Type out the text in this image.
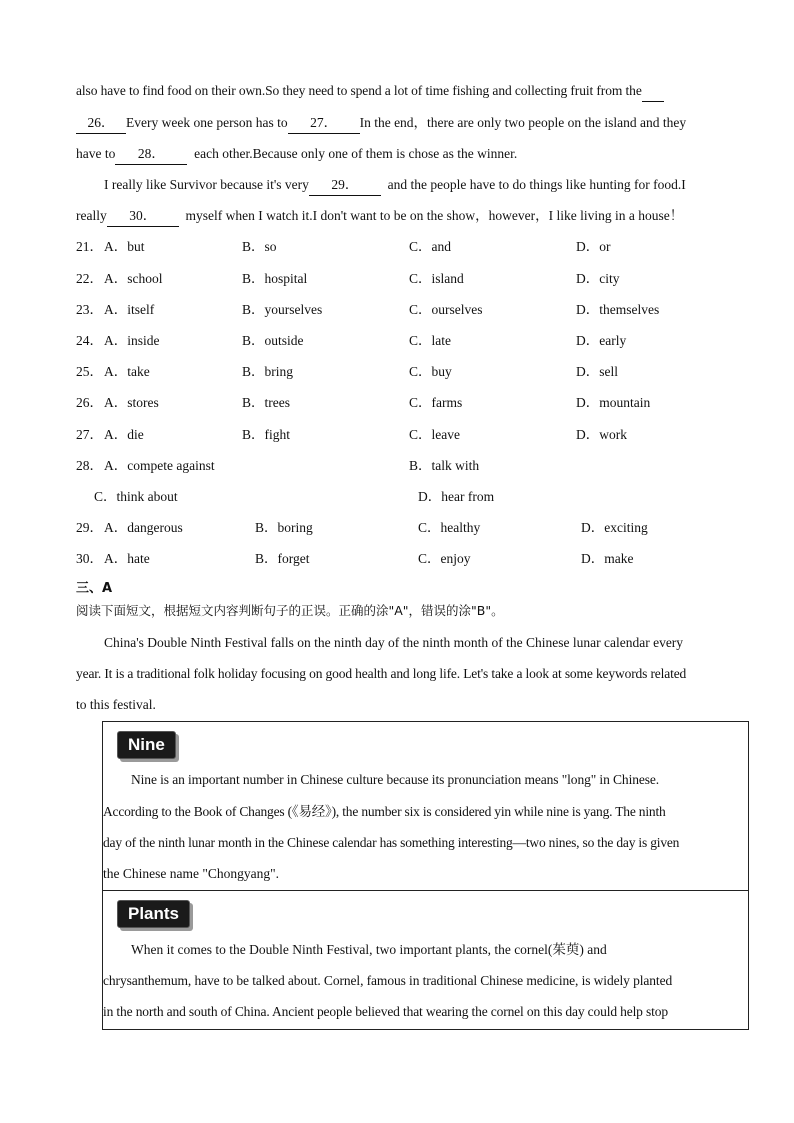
also have to find food on their own.So they need to spend a lot of time fishing and collecting fruit from the
26． Every week one person has to 27． In the end，there are only two people on the island and they
have to 28． each other.Because only one of them is chose as the winner.
I really like Survivor because it's very 29． and the people have to do things like hunting for food.I
really 30． myself when I watch it.I don't want to be on the show，however，I like living in a house！
21． A．but	B．so	C．and	D．or
22． A．school	B．hospital	C．island	D．city
23． A．itself	B．yourselves	C．ourselves	D．themselves
24． A．inside	B．outside	C．late	D．early
25． A．take	B．bring	C．buy	D．sell
26． A．stores	B．trees	C．farms	D．mountain
27． A．die	B．fight	C．leave	D．work
28． A．compete against	B．talk with
C．think about	D．hear from
29． A．dangerous	B．boring	C．healthy	D．exciting
30． A．hate	B．forget	C．enjoy	D．make
三、A
阅读下面短文，根据短文内容判断句子的正误。正确的涂"A"，错误的涂"B"。
China's Double Ninth Festival falls on the ninth day of the ninth month of the Chinese lunar calendar every
year. It is a traditional folk holiday focusing on good health and long life. Let's take a look at some keywords related
to this festival.
Nine
Nine is an important number in Chinese culture because its pronunciation means "long" in Chinese.
According to the Book of Changes (《易经》), the number six is considered yin while nine is yang. The ninth
day of the ninth lunar month in the Chinese calendar has something interesting—two nines, so the day is given
the Chinese name "Chongyang".
Plants
When it comes to the Double Ninth Festival, two important plants, the cornel(茱萸) and
chrysanthemum, have to be talked about. Cornel, famous in traditional Chinese medicine, is widely planted
in the north and south of China. Ancient people believed that wearing the cornel on this day could help stop
